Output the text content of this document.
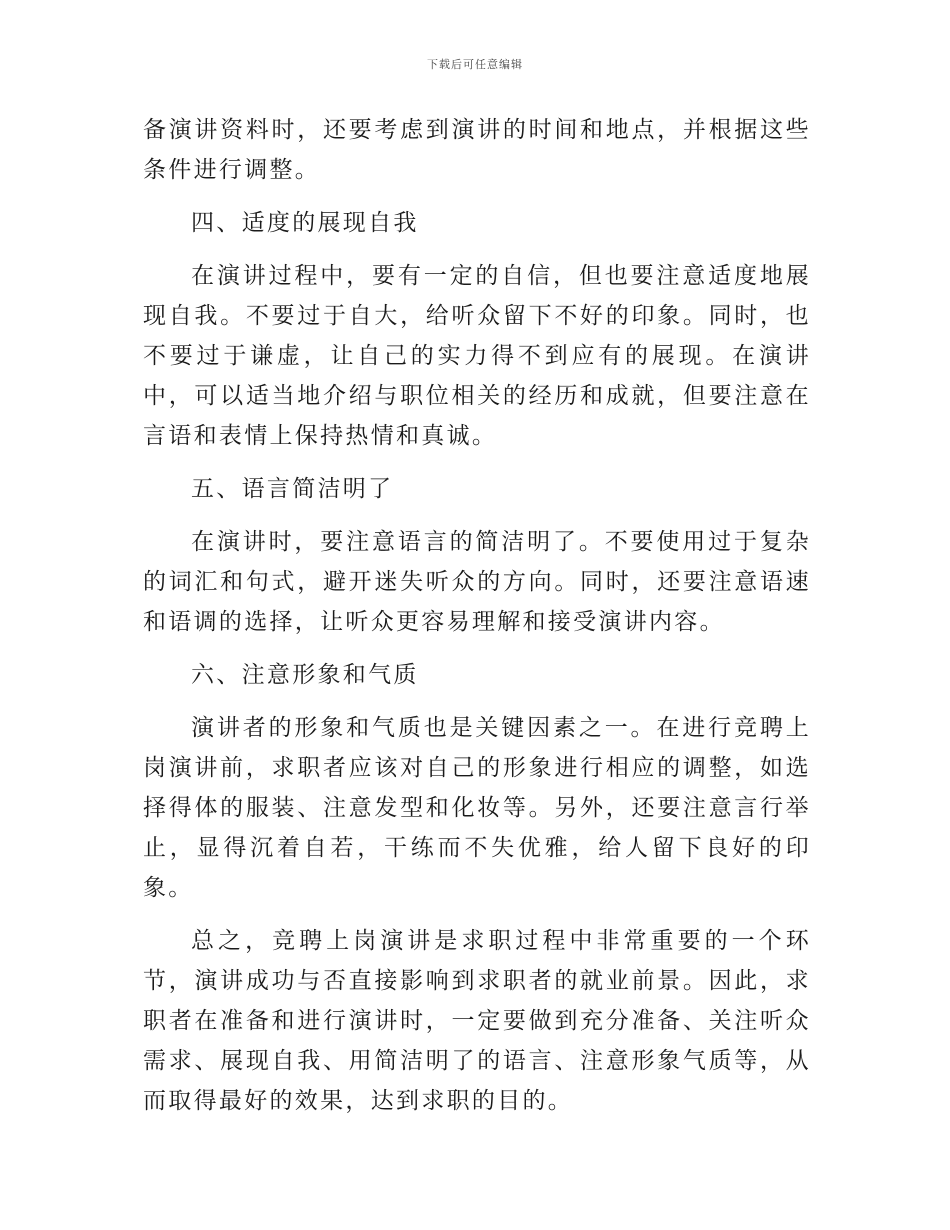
下载后可任意编辑

备演讲资料时，还要考虑到演讲的时间和地点，并根据这些条件进行调整。

四、适度的展现自我

在演讲过程中，要有一定的自信，但也要注意适度地展现自我。不要过于自大，给听众留下不好的印象。同时，也不要过于谦虚，让自己的实力得不到应有的展现。在演讲中，可以适当地介绍与职位相关的经历和成就，但要注意在言语和表情上保持热情和真诚。

五、语言简洁明了

在演讲时，要注意语言的简洁明了。不要使用过于复杂的词汇和句式，避开迷失听众的方向。同时，还要注意语速和语调的选择，让听众更容易理解和接受演讲内容。

六、注意形象和气质

演讲者的形象和气质也是关键因素之一。在进行竞聘上岗演讲前，求职者应该对自己的形象进行相应的调整，如选择得体的服装、注意发型和化妆等。另外，还要注意言行举止，显得沉着自若，干练而不失优雅，给人留下良好的印象。

总之，竞聘上岗演讲是求职过程中非常重要的一个环节，演讲成功与否直接影响到求职者的就业前景。因此，求职者在准备和进行演讲时，一定要做到充分准备、关注听众需求、展现自我、用简洁明了的语言、注意形象气质等，从而取得最好的效果，达到求职的目的。
